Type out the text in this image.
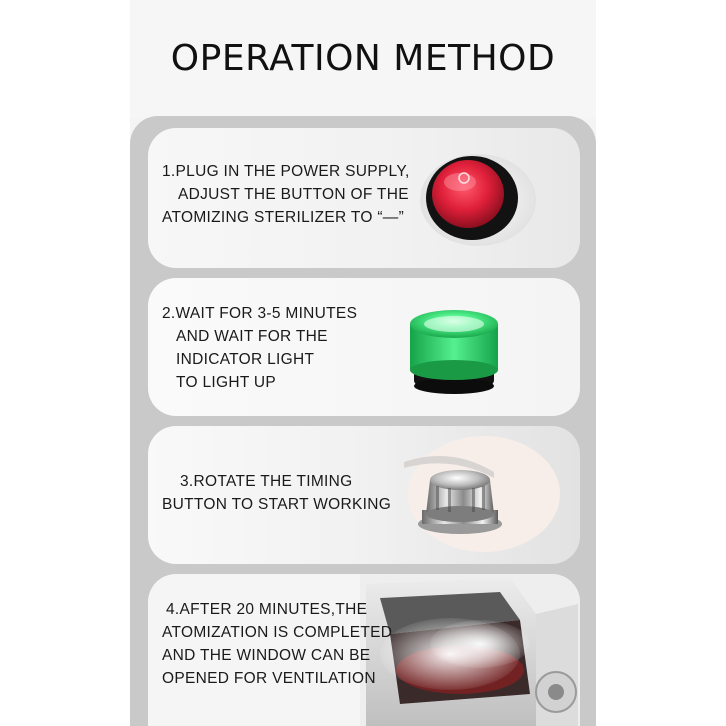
OPERATION METHOD
1.PLUG IN THE POWER SUPPLY,
ADJUST THE BUTTON OF THE
ATOMIZING STERILIZER TO “—”
2.WAIT FOR 3-5 MINUTES
AND WAIT FOR THE
INDICATOR LIGHT
TO LIGHT UP
3.ROTATE THE TIMING
BUTTON TO START WORKING
4.AFTER 20 MINUTES,THE
ATOMIZATION IS COMPLETED
AND THE WINDOW CAN BE
OPENED FOR VENTILATION
